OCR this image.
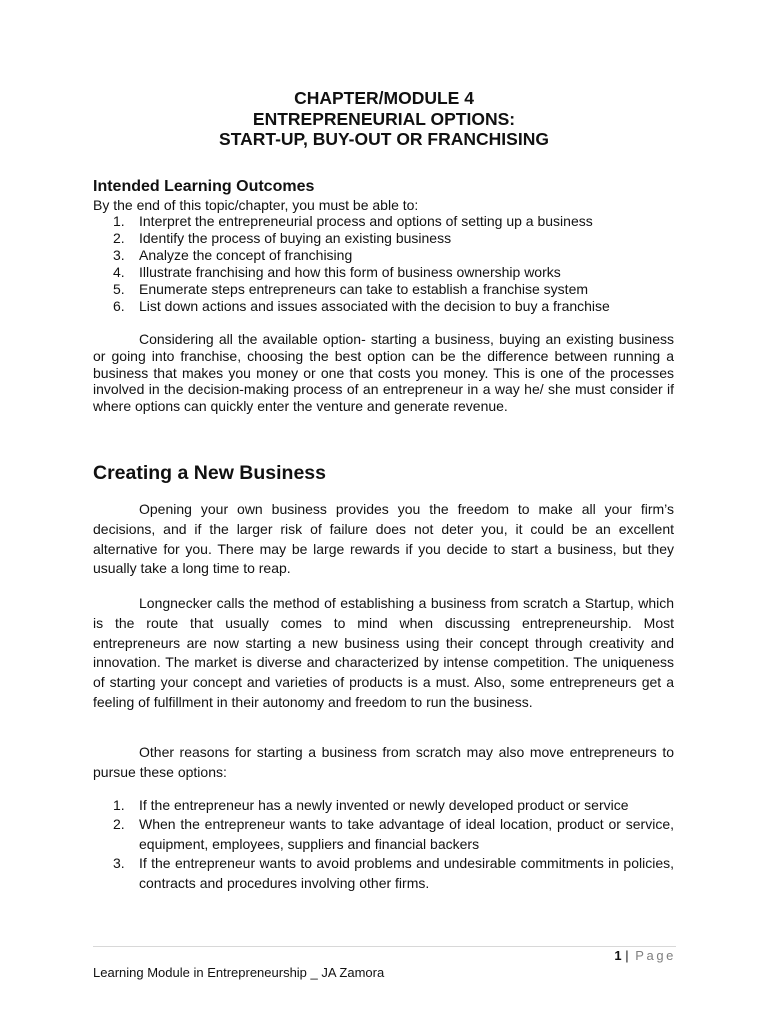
CHAPTER/MODULE 4
ENTREPRENEURIAL OPTIONS:
START-UP, BUY-OUT OR FRANCHISING
Intended Learning Outcomes
By the end of this topic/chapter, you must be able to:
1. Interpret the entrepreneurial process and options of setting up a business
2. Identify the process of buying an existing business
3. Analyze the concept of franchising
4. Illustrate franchising and how this form of business ownership works
5. Enumerate steps entrepreneurs can take to establish a franchise system
6. List down actions and issues associated with the decision to buy a franchise

Considering all the available option- starting a business, buying an existing business or going into franchise, choosing the best option can be the difference between running a business that makes you money or one that costs you money. This is one of the processes involved in the decision-making process of an entrepreneur in a way he/ she must consider if where options can quickly enter the venture and generate revenue.

Creating a New Business

Opening your own business provides you the freedom to make all your firm’s decisions, and if the larger risk of failure does not deter you, it could be an excellent alternative for you. There may be large rewards if you decide to start a business, but they usually take a long time to reap.

Longnecker calls the method of establishing a business from scratch a Startup, which is the route that usually comes to mind when discussing entrepreneurship. Most entrepreneurs are now starting a new business using their concept through creativity and innovation. The market is diverse and characterized by intense competition. The uniqueness of starting your concept and varieties of products is a must. Also, some entrepreneurs get a feeling of fulfillment in their autonomy and freedom to run the business.

Other reasons for starting a business from scratch may also move entrepreneurs to pursue these options:

1. If the entrepreneur has a newly invented or newly developed product or service
2. When the entrepreneur wants to take advantage of ideal location, product or service, equipment, employees, suppliers and financial backers
3. If the entrepreneur wants to avoid problems and undesirable commitments in policies, contracts and procedures involving other firms.
1 | Page
Learning Module in Entrepreneurship _ JA Zamora
